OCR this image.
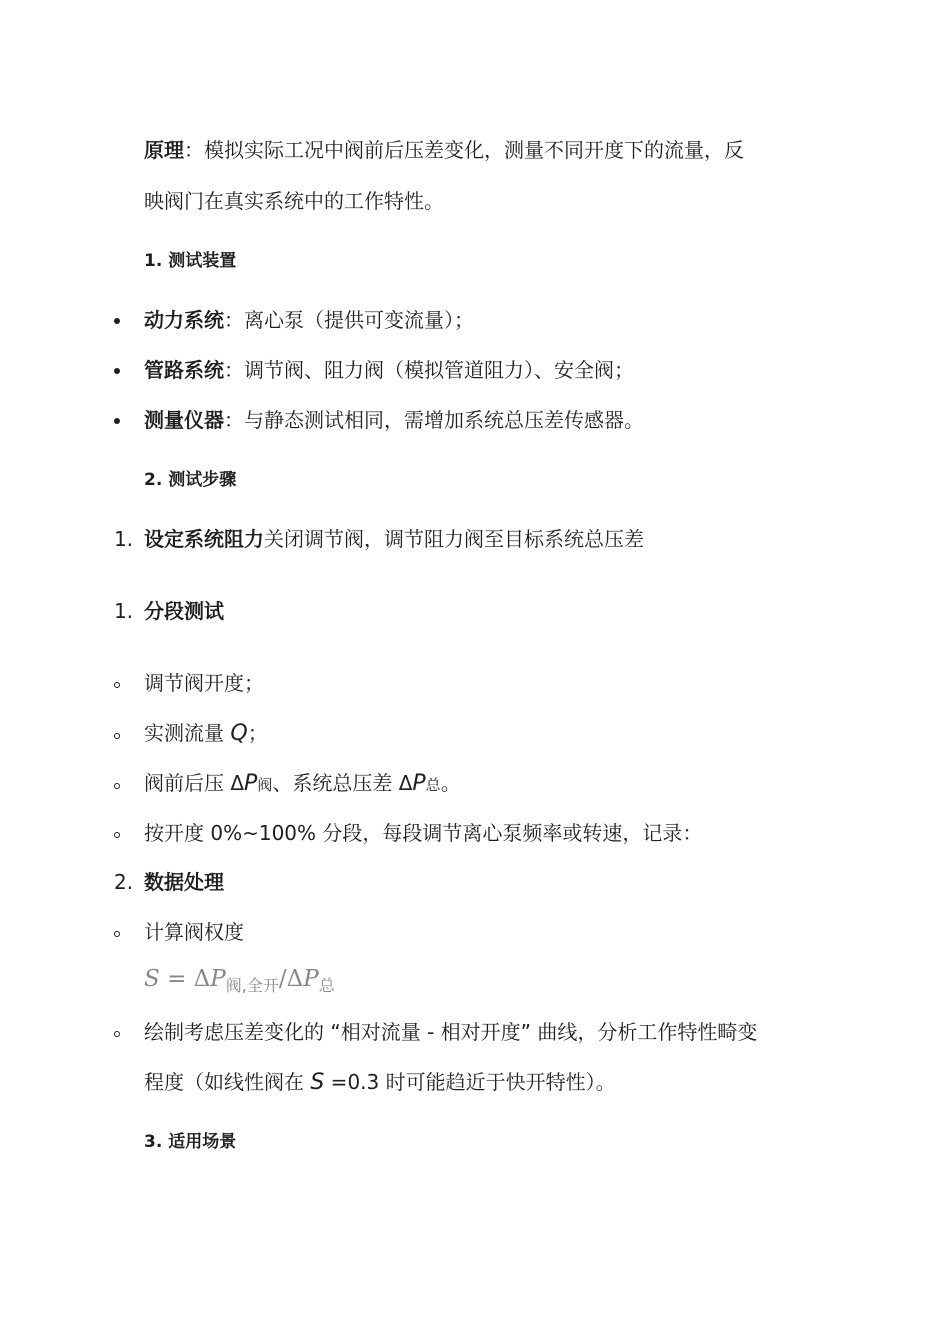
原理：模拟实际工况中阀前后压差变化，测量不同开度下的流量，反
映阀门在真实系统中的工作特性。
1. 测试装置
动力系统：离心泵（提供可变流量）；
管路系统：调节阀、阻力阀（模拟管道阻力）、安全阀；
测量仪器：与静态测试相同，需增加系统总压差传感器。
2. 测试步骤
1. 设定系统阻力关闭调节阀，调节阻力阀至目标系统总压差
1. 分段测试
调节阀开度；
实测流量 Q；
阀前后压 ΔP阀、系统总压差 ΔP总。
按开度 0%~100% 分段，每段调节离心泵频率或转速，记录：
2. 数据处理
计算阀权度
$S = \Delta P_{阀,全开}/\Delta P_总$
绘制考虑压差变化的 “相对流量 - 相对开度” 曲线，分析工作特性畸变
程度（如线性阀在 S =0.3 时可能趋近于快开特性）。
3. 适用场景
